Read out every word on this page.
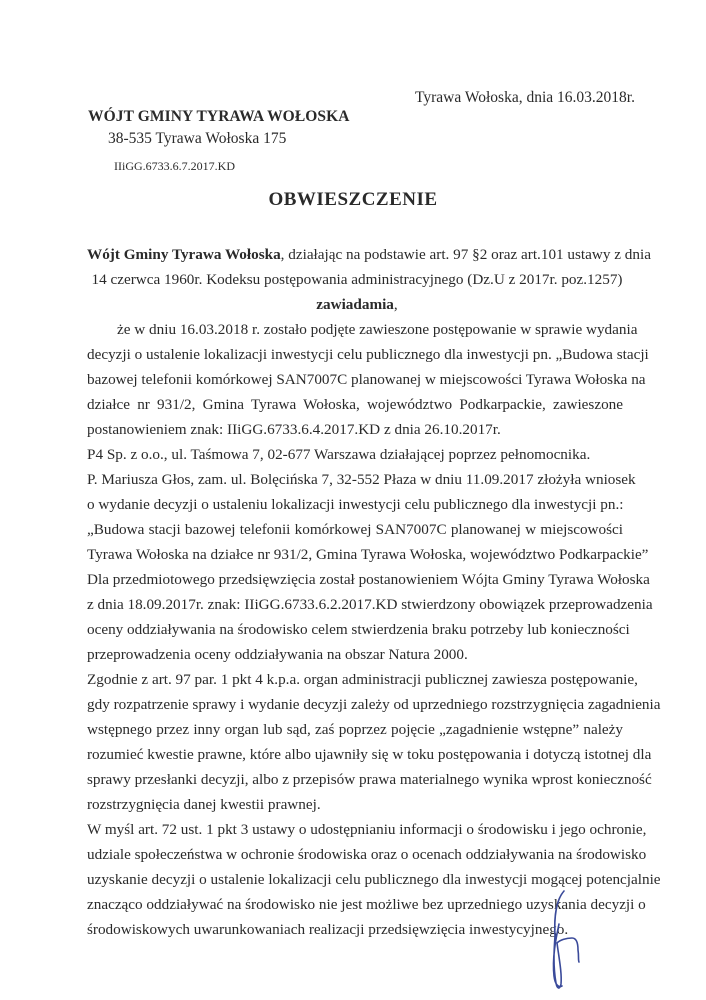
Tyrawa Wołoska, dnia 16.03.2018r.
WÓJT GMINY TYRAWA WOŁOSKA
38-535 Tyrawa Wołoska 175
IIiGG.6733.6.7.2017.KD
OBWIESZCZENIE
Wójt Gminy Tyrawa Wołoska, działając na podstawie art. 97 §2 oraz art.101 ustawy z dnia
14 czerwca 1960r. Kodeksu postępowania administracyjnego (Dz.U z 2017r. poz.1257)
zawiadamia,
że w dniu 16.03.2018 r. zostało podjęte zawieszone postępowanie w sprawie wydania
decyzji o ustalenie lokalizacji inwestycji celu publicznego dla inwestycji pn. „Budowa stacji
bazowej telefonii komórkowej SAN7007C planowanej w miejscowości Tyrawa Wołoska na
działce nr 931/2, Gmina Tyrawa Wołoska, województwo Podkarpackie, zawieszone
postanowieniem znak: IIiGG.6733.6.4.2017.KD z dnia 26.10.2017r.
P4 Sp. z o.o., ul. Taśmowa 7, 02-677 Warszawa działającej poprzez pełnomocnika.
P. Mariusza Głos, zam. ul. Bolęcińska 7, 32-552 Płaza w dniu 11.09.2017 złożyła wniosek
o wydanie decyzji o ustaleniu lokalizacji inwestycji celu publicznego dla inwestycji pn.:
„Budowa stacji bazowej telefonii komórkowej SAN7007C planowanej w miejscowości
Tyrawa Wołoska na działce nr 931/2, Gmina Tyrawa Wołoska, województwo Podkarpackie”
Dla przedmiotowego przedsięwzięcia został postanowieniem Wójta Gminy Tyrawa Wołoska
z dnia 18.09.2017r. znak: IIiGG.6733.6.2.2017.KD stwierdzony obowiązek przeprowadzenia
oceny oddziaływania na środowisko celem stwierdzenia braku potrzeby lub konieczności
przeprowadzenia oceny oddziaływania na obszar Natura 2000.
Zgodnie z art. 97 par. 1 pkt 4 k.p.a. organ administracji publicznej zawiesza postępowanie,
gdy rozpatrzenie sprawy i wydanie decyzji zależy od uprzedniego rozstrzygnięcia zagadnienia
wstępnego przez inny organ lub sąd, zaś poprzez pojęcie „zagadnienie wstępne” należy
rozumieć kwestie prawne, które albo ujawniły się w toku postępowania i dotyczą istotnej dla
sprawy przesłanki decyzji, albo z przepisów prawa materialnego wynika wprost konieczność
rozstrzygnięcia danej kwestii prawnej.
W myśl art. 72 ust. 1 pkt 3 ustawy o udostępnianiu informacji o środowisku i jego ochronie,
udziale społeczeństwa w ochronie środowiska oraz o ocenach oddziaływania na środowisko
uzyskanie decyzji o ustalenie lokalizacji celu publicznego dla inwestycji mogącej potencjalnie
znacząco oddziaływać na środowisko nie jest możliwe bez uprzedniego uzyskania decyzji o
środowiskowych uwarunkowaniach realizacji przedsięwzięcia inwestycyjnego.
